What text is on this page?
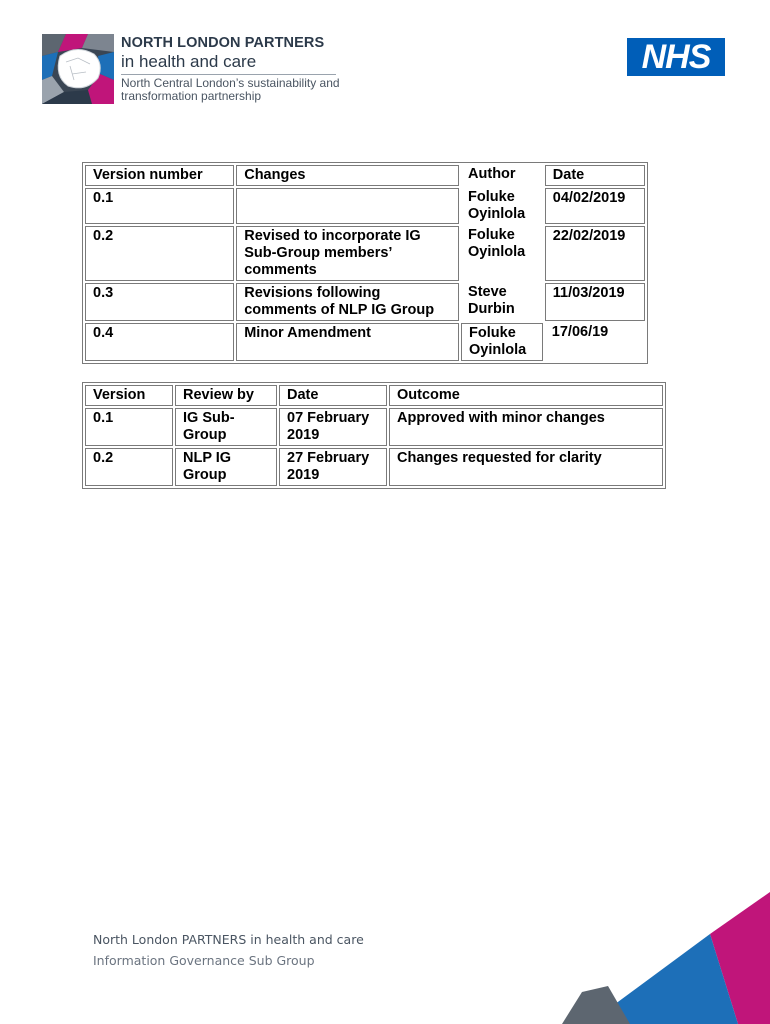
NORTH LONDON PARTNERS
in health and care
North Central London’s sustainability and transformation partnership
NHS
Version number	Changes	Author	Date
0.1		Foluke Oyinlola	04/02/2019
0.2	Revised to incorporate IG Sub-Group members’ comments	Foluke Oyinlola	22/02/2019
0.3	Revisions following comments of NLP IG Group	Steve Durbin	11/03/2019
0.4	Minor Amendment	Foluke Oyinlola	17/06/19
Version	Review by	Date	Outcome
0.1	IG Sub-Group	07 February 2019	Approved with minor changes
0.2	NLP IG Group	27 February 2019	Changes requested for clarity
North London PARTNERS in health and care
Information Governance Sub Group
